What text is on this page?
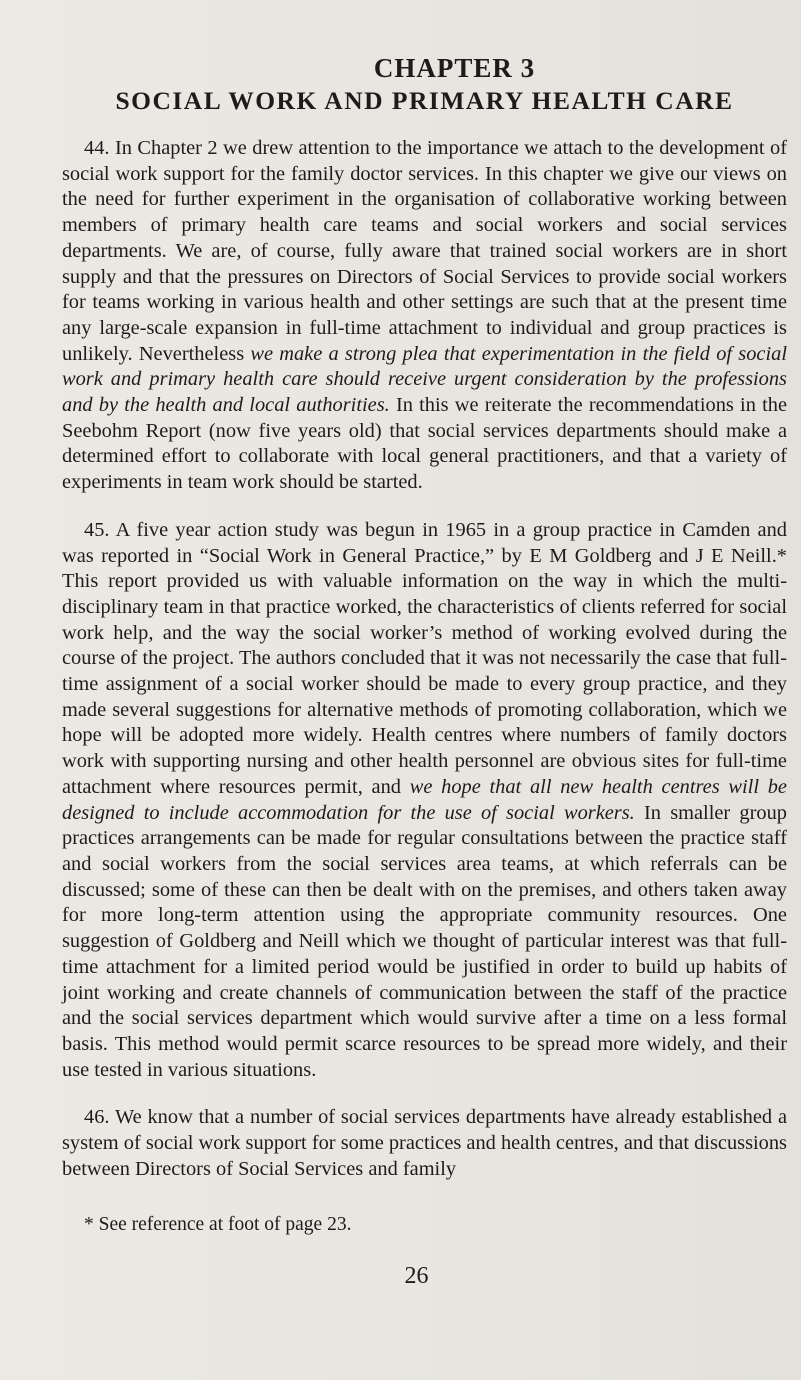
CHAPTER 3
SOCIAL WORK AND PRIMARY HEALTH CARE

44. In Chapter 2 we drew attention to the importance we attach to the development of social work support for the family doctor services. In this chapter we give our views on the need for further experiment in the organisation of collaborative working between members of primary health care teams and social workers and social services departments. We are, of course, fully aware that trained social workers are in short supply and that the pressures on Directors of Social Services to provide social workers for teams working in various health and other settings are such that at the present time any large-scale expansion in full-time attachment to individual and group practices is unlikely. Nevertheless we make a strong plea that experimentation in the field of social work and primary health care should receive urgent consideration by the professions and by the health and local authorities. In this we reiterate the recommendations in the Seebohm Report (now five years old) that social services departments should make a determined effort to collaborate with local general practitioners, and that a variety of experiments in team work should be started.

45. A five year action study was begun in 1965 in a group practice in Camden and was reported in “Social Work in General Practice,” by E M Goldberg and J E Neill.* This report provided us with valuable information on the way in which the multi-disciplinary team in that practice worked, the characteristics of clients referred for social work help, and the way the social worker’s method of working evolved during the course of the project. The authors concluded that it was not necessarily the case that full-time assignment of a social worker should be made to every group practice, and they made several suggestions for alternative methods of promoting collaboration, which we hope will be adopted more widely. Health centres where numbers of family doctors work with supporting nursing and other health personnel are obvious sites for full-time attachment where resources permit, and we hope that all new health centres will be designed to include accommodation for the use of social workers. In smaller group practices arrangements can be made for regular consultations between the practice staff and social workers from the social services area teams, at which referrals can be discussed; some of these can then be dealt with on the premises, and others taken away for more long-term attention using the appropriate community resources. One suggestion of Goldberg and Neill which we thought of particular interest was that full-time attachment for a limited period would be justified in order to build up habits of joint working and create channels of communication between the staff of the practice and the social services department which would survive after a time on a less formal basis. This method would permit scarce resources to be spread more widely, and their use tested in various situations.

46. We know that a number of social services departments have already established a system of social work support for some practices and health centres, and that discussions between Directors of Social Services and family

* See reference at foot of page 23.

26
